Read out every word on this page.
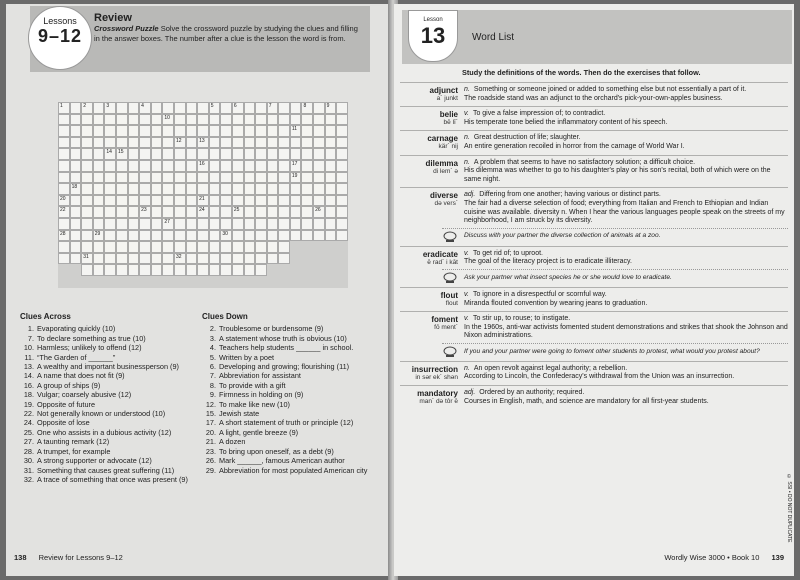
Lessons
9–12
Review
Crossword Puzzle Solve the crossword puzzle by studying the clues and filling in the answer boxes. The number after a clue is the lesson the word is from.
1	2	3	4	5	6	7	8	9
10
11
12	13
14 15
16	17
19
18
20	21
22	23	24	25	26
27
28	29	30
31	32
Clues Across
1. Evaporating quickly (10)
7. To declare something as true (10)
10. Harmless; unlikely to offend (12)
11. “The Garden of ______”
13. A wealthy and important businessperson (9)
14. A name that does not fit (9)
16. A group of ships (9)
18. Vulgar; coarsely abusive (12)
19. Opposite of future
22. Not generally known or understood (10)
24. Opposite of lose
25. One who assists in a dubious activity (12)
27. A taunting remark (12)
28. A trumpet, for example
30. A strong supporter or advocate (12)
31. Something that causes great suffering (11)
32. A trace of something that once was present (9)
Clues Down
2. Troublesome or burdensome (9)
3. A statement whose truth is obvious (10)
4. Teachers help students ______ in school.
5. Written by a poet
6. Developing and growing; flourishing (11)
7. Abbreviation for assistant
8. To provide with a gift
9. Firmness in holding on (9)
12. To make like new (10)
15. Jewish state
17. A short statement of truth or principle (12)
20. A light, gentle breeze (9)
21. A dozen
23. To bring upon oneself, as a debt (9)
26. Mark ______, famous American author
29. Abbreviation for most populated American city
138 Review for Lessons 9–12
Lesson
13	Word List
Study the definitions of the words. Then do the exercises that follow.
adjunct
a´ junkt
n. Something or someone joined or added to something else but not essentially a part of it.
The roadside stand was an adjunct to the orchard's pick-your-own-apples business.
belie
bē lī´
v. To give a false impression of; to contradict.
His temperate tone belied the inflammatory content of his speech.
carnage
kär´ nij
n. Great destruction of life; slaughter.
An entire generation recoiled in horror from the carnage of World War I.
dilemma
di lem´ ə
n. A problem that seems to have no satisfactory solution; a difficult choice.
His dilemma was whether to go to his daughter's play or his son's recital, both of which were on the same night.
diverse
də vers´
adj. Differing from one another; having various or distinct parts.
The fair had a diverse selection of food; everything from Italian and French to Ethiopian and Indian cuisine was available. diversity n. When I hear the various languages people speak on the streets of my neighborhood, I am struck by its diversity.
Discuss with your partner the diverse collection of animals at a zoo.
eradicate
ē rad´ i kāt
v. To get rid of; to uproot.
The goal of the literacy project is to eradicate illiteracy.
Ask your partner what insect species he or she would love to eradicate.
flout
flout
v. To ignore in a disrespectful or scornful way.
Miranda flouted convention by wearing jeans to graduation.
foment
fō ment´
v. To stir up, to rouse; to instigate.
In the 1960s, anti-war activists fomented student demonstrations and strikes that shook the Johnson and Nixon administrations.
If you and your partner were going to foment other students to protest, what would you protest about?
insurrection
in sər ek´ shən
n. An open revolt against legal authority; a rebellion.
According to Lincoln, the Confederacy's withdrawal from the Union was an insurrection.
mandatory
man´ də tôr ē
adj. Ordered by an authority; required.
Courses in English, math, and science are mandatory for all first-year students.
© SSI • DO NOT DUPLICATE
Wordly Wise 3000 • Book 10 139
